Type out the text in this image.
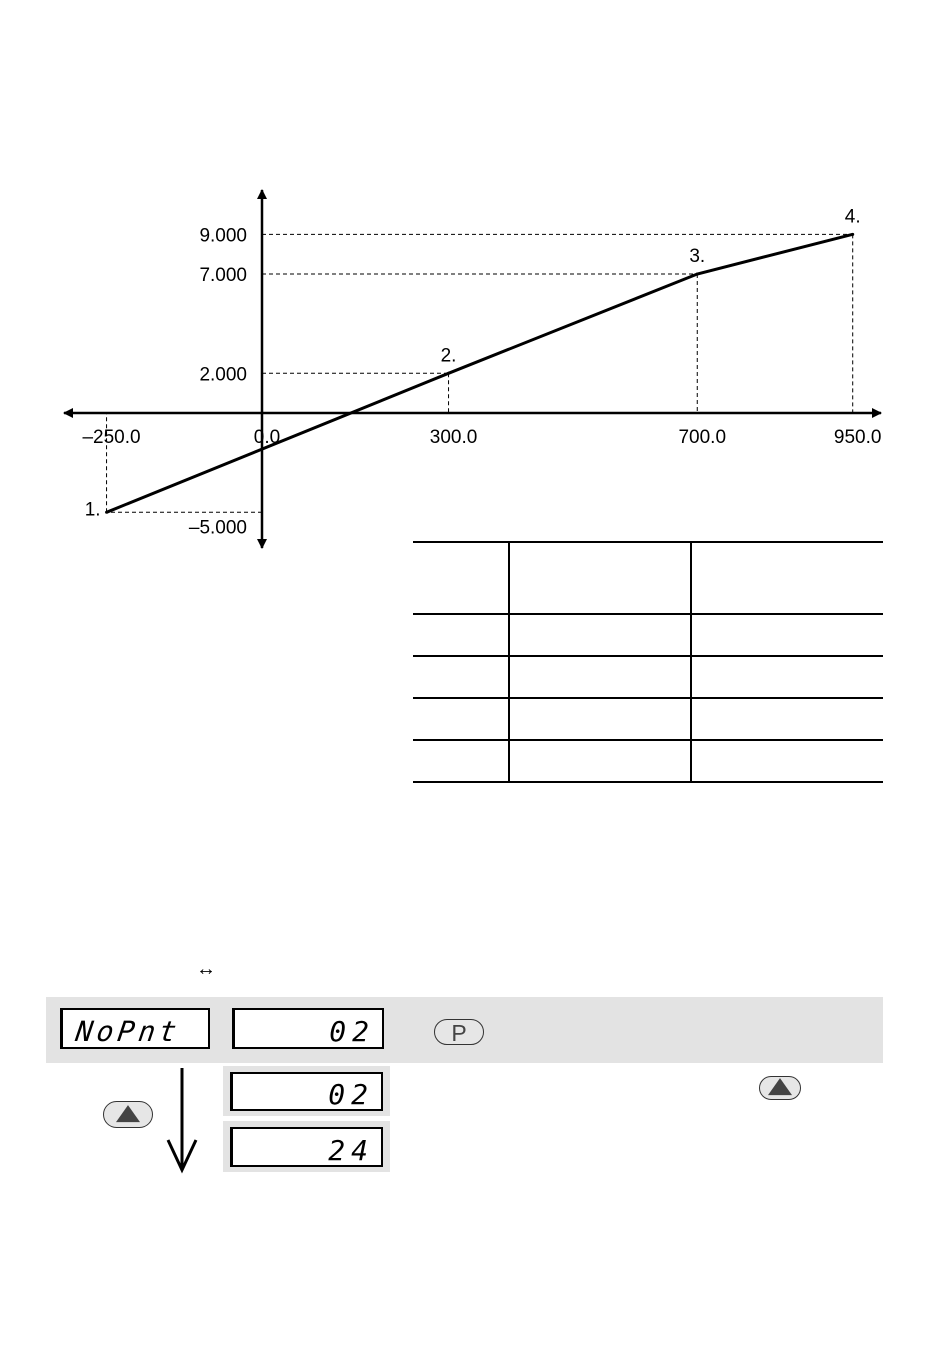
–250.0	0.0	300.0	700.0	950.0
9.000
7.000
2.000
–5.000
1.
2.
3.
4.

↔
NoPnt	02	P
02
24
